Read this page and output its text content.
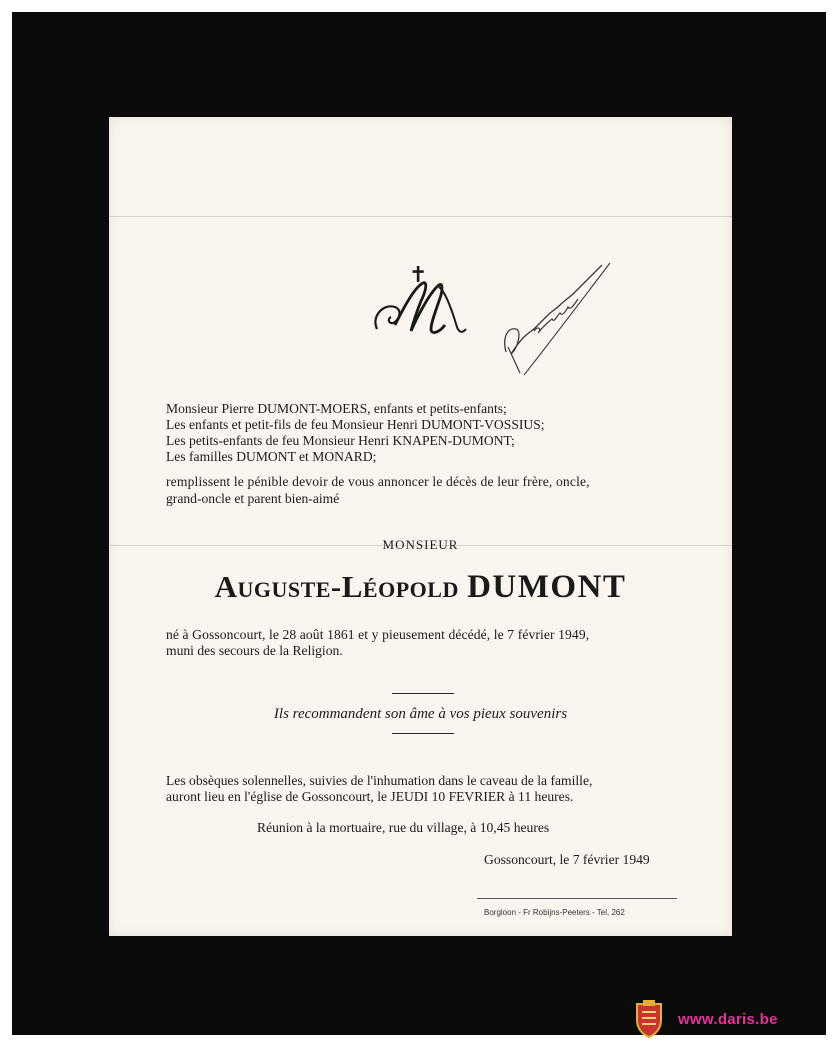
✝
Monsieur Pierre DUMONT-MOERS, enfants et petits-enfants;
Les enfants et petit-fils de feu Monsieur Henri DUMONT-VOSSIUS;
Les petits-enfants de feu Monsieur Henri KNAPEN-DUMONT;
Les familles DUMONT et MONARD;
remplissent le pénible devoir de vous annoncer le décès de leur frère, oncle,
grand-oncle et parent bien-aimé
MONSIEUR
Auguste-Léopold DUMONT
né à Gossoncourt, le 28 août 1861 et y pieusement décédé, le 7 février 1949,
muni des secours de la Religion.
Ils recommandent son âme à vos pieux souvenirs
Les obsèques solennelles, suivies de l'inhumation dans le caveau de la famille,
auront lieu en l'église de Gossoncourt, le JEUDI 10 FEVRIER à 11 heures.
Réunion à la mortuaire, rue du village, à 10,45 heures
Gossoncourt, le 7 février 1949
Borgloon - Fr Robijns-Peeters - Tel. 262
www.daris.be
